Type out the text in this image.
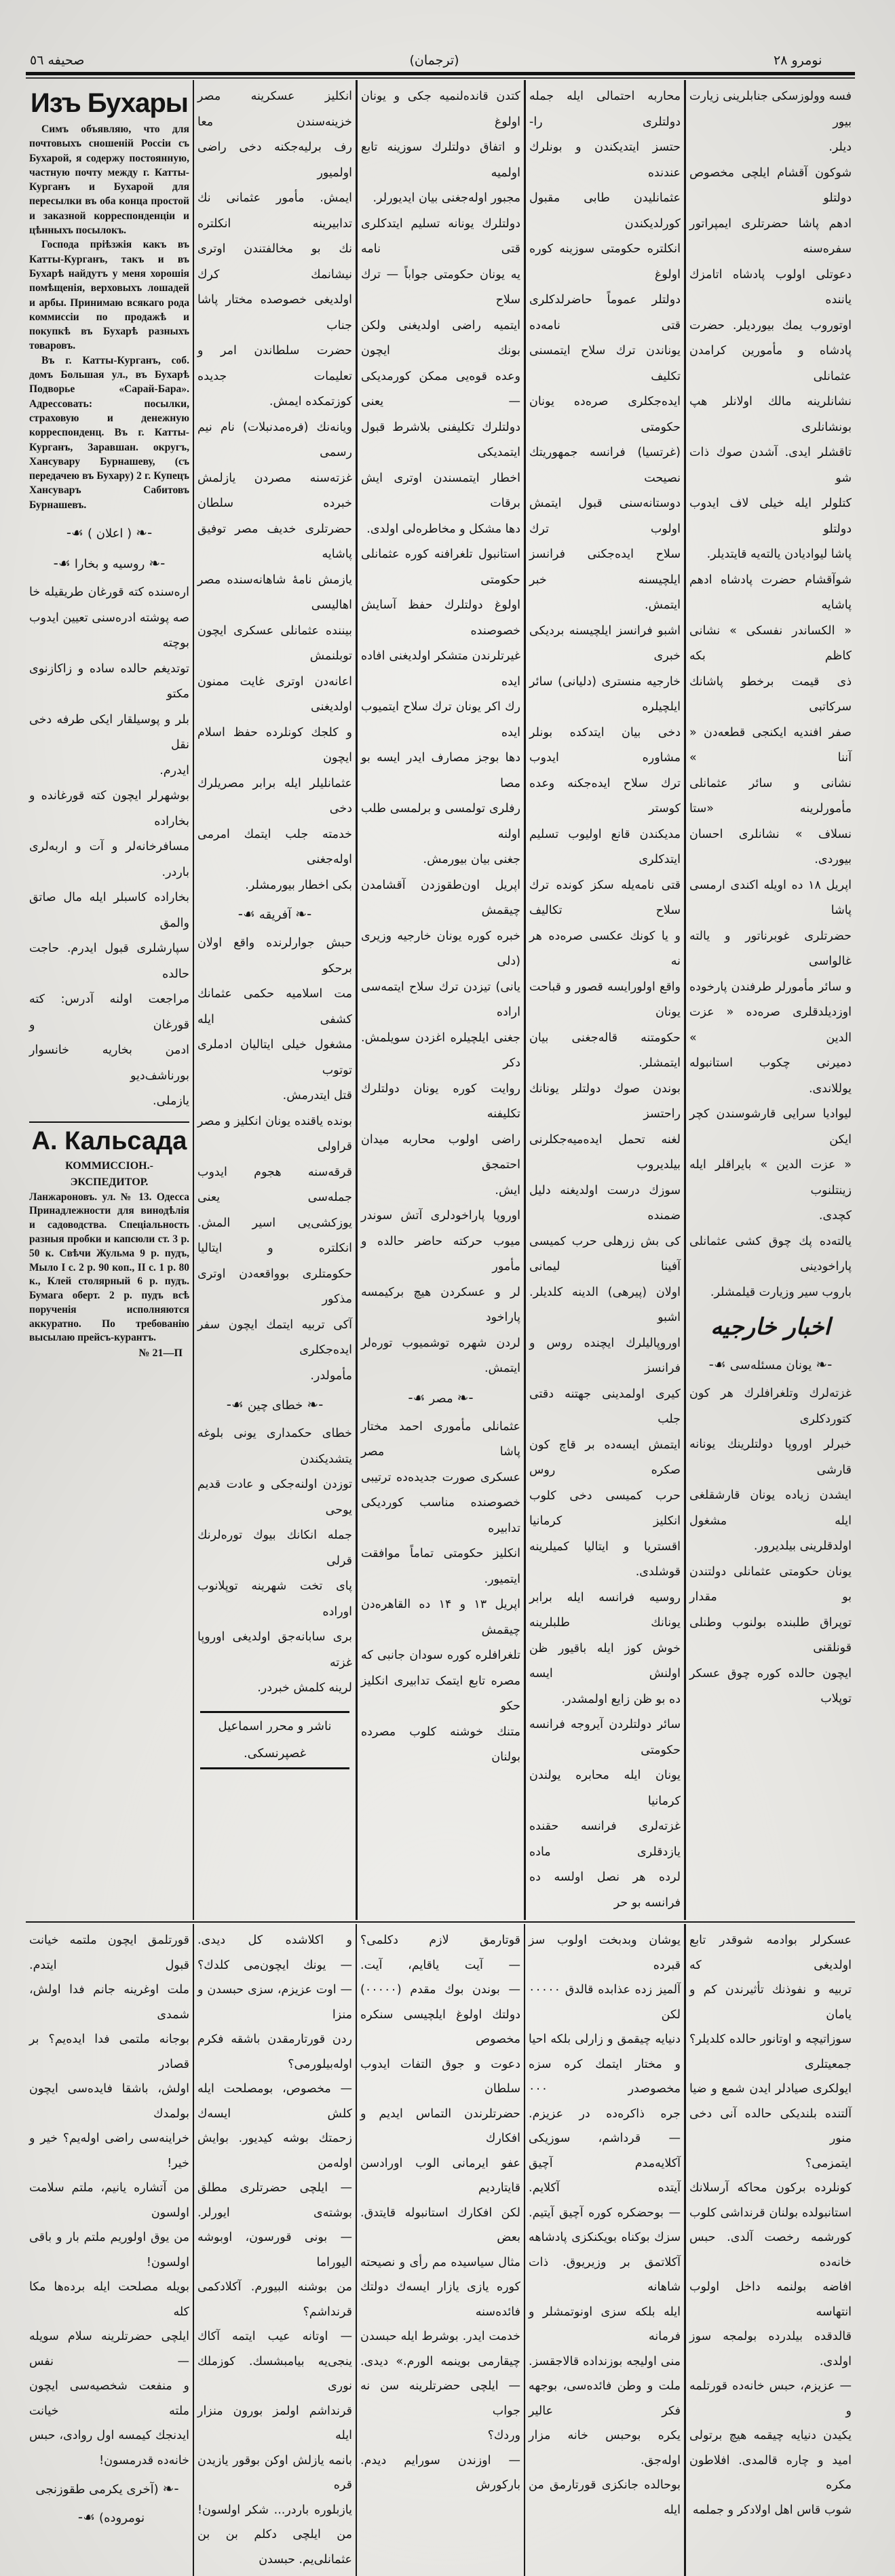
صحیفه ٥٦	(ترجمان)	نومرو ٢٨
Изъ Бухары

Симъ объявляю, что для почтовыхъ сношеній Россіи съ Бухарой, я содержу постоянную, частную почту между г. Катты-Курганъ и Бухарой для пересылки въ оба конца простой и заказной корреспонденціи и цѣнныхъ посылокъ.

Господа пріѣзжія какъ въ Катты-Курганъ, такъ и въ Бухарѣ найдутъ у меня хорошія помѣщенія, верховыхъ лошадей и арбы. Принимаю всякаго рода коммиссіи по продажѣ и покупкѣ въ Бухарѣ разныхъ товаровъ.

Въ г. Катты-Курганъ, соб. домъ Большая ул., въ Бухарѣ Подворье «Сарай-Бара». Адрессовать: посылки, страховую и денежную корреспонденц. Въ г. Катты-Курганъ, Заравшан. округъ, Хансувару Бурнашеву, (съ передачею въ Бухару) 2 г. Купецъ Хансуваръ Сабитовъ Бурнашевъ.

-❧( اعلان )☙-
-❧روسیه و بخارا☙-
اره‌سنده کته قورغان طریقیله خا
صه پوشته ادره‌سنی تعیین ایدوب بوچته
توتدیغم حالده ساده و زاکازنوی مکتو
بلر و پوسیلقار ایکی طرفه دخی نقل
ایدرم.
بوشهرلر ایچون کته قورغانده و بخاراده
مسافرخانه‌لر و آت و اربه‌لری باردر.
بخاراده کاسبلر ایله مال صاتق والمق
سپارشلری قبول ایدرم. حاجت حالده
مراجعت اولنه آدرس: کته قورغان و
ادمن بخاریه خانسوار بورناشف‌دیو
یازملی.
А. Кальсада
КОММИССІОН.-ЭКСПЕДИТОР.
Ланжароновъ. ул. № 13. Одесса Принадлежности для винодѣлія и садоводства. Спеціальность разныя пробки и капсюли ст. 3 р. 50 к. Свѣчи Жульма 9 р. пудъ, Мыло I с. 2 р. 90 коп., II с. 1 р. 80 к., Клей столярный 6 р. пудъ. Бумага оберт. 2 р. пудъ всѣ порученія исполняются аккуратно. По требованію высылаю прейсъ-курантъ.
№ 21—П
انکلیز عسکرینه مصر خزینه‌سندن معا
رف برلیه‌جکنه دخی راضی اولمیور
ایمش. مأمور عثمانی نك تدابیرینه انکلتره
نك بو مخالفتندن اوتری نیشانمك کرك
اولدیغی خصوصده مختار پاشا جناب
حضرت سلطاندن امر و تعلیمات جدیده
کوزتمکده ایمش.
ویانه‌نك (فره‌مدنبلات) نام نیم رسمی
غزته‌سنه مصردن یازلمش خبرده سلطان
حضرتلری خدیف مصر توفیق پاشایه
یازمش نامهٔ شاهانه‌سنده مصر اهالیسی
بیننده عثمانلی عسکری ایچون توبلنمش
اعانه‌دن اوتری غایت ممنون اولدیغنی
و کلجك کونلرده حفظ اسلام ایچون
عثمانلیلر ایله برابر مصریلرك دخی
خدمته جلب ایتمك امرمی اوله‌جغنی
بکی اخطار بیورمشلر.
-❧آفریقه☙-
حبش جوارلرنده واقع اولان برحکو
مت اسلامیه حکمی عثمانك کشفی ایله
مشغول خیلی ایتالیان ادملری توتوب
قتل ایتدرمش.
بونده یاقنده یونان انکلیز و مصر قراولی
قرقه‌سنه هجوم ایدوب جمله‌سی یعنی
یوزکشی‌یی اسیر المش. انکلتره و ایتالیا
حکومتلری بوواقعه‌دن اوتری مذکور
آکی تربیه ایتمك ایچون سفر ایده‌جکلری
مأمولدر.
-❧خطای چین☙-
خطای حکمداری یونی بلوغه یتشدیکندن
توزدن اولنه‌جکی و عادت قدیم یوحی
جمله انکانك بیوك توره‌لرنك قرلی
پای تخت شهرینه توپلانوب اوراده
بری سابانه‌جق اولدیغی اوروپا غزته
لرینه کلمش خبردر.
ناشر و محرر اسماعیل غصپرنسکی.
کتدن قانده‌لنمیه جکی و یونان اولوغ
و اتفاق دولتلرك سوزینه تابع اولمیه
مجبور اوله‌جغنی بیان ایدیورلر.
دولتلرك یونانه تسلیم ایتدکلری قتی نامه
یه یونان حکومتی جواباً — ترك سلاح
ایتمیه راضی اولدیغنی ولکن بونك ایچون
وعده قوه‌یی ممکن کورمدیکی — یعنی
دولتلرك تکلیفنی بلاشرط قبول ایتمدیکی
اخطار ایتمسندن اوتری ایش برقات
دها مشکل و مخاطره‌لی اولدی.
استانبول تلغرافنه کوره عثمانلی حکومتی
اولوغ دولتلرك حفظ آسایش خصوصنده
غیرتلرندن متشکر اولدیغنی افاده ایده
رك اکر یونان ترك سلاح ایتمیوب ایده
دها بوجز مصارف ایدر ایسه بو مصا
رفلری تولمسی و برلمسی طلب اولنه
جغنی بیان بیورمش.
اپریل اون‌طقوزدن آقشامدن چیقمش
خبره کوره یونان خارجیه وزیری (دلی
یانی) تیزدن ترك سلاح ایتمه‌سی اراده
جغنی ایلچیلره اغزدن سویلمش. دکر
روایت کوره یونان دولتلرك تکلیفنه
راضی اولوب محاربه میدان احتمجق
ایش.
اوروپا پاراخودلری آتش سوندر
میوب حرکته حاضر حالده و مأمور
لر و عسکردن هیچ برکیمسه پاراخود
لردن شهره توشمیوب توره‌لر ایتمش.
-❧مصر☙-
عثمانلی مأموری احمد مختار پاشا مصر
عسکری صورت جدیده‌ده ترتیبی
خصوصنده مناسب کوردیکی تدابیره
انکلیز حکومتی تماماً موافقت ایتمیور.
اپریل ۱۳ و ۱۴ ده القاهره‌دن چیقمش
تلغرافلره کوره سودان جانبی که
مصره تابع ایتمک تدابیری انکلیز حکو
متنك خوشنه کلوب مصرده بولنان
محاربه احتمالی ایله جمله دولتلری را-
حتسز ایتدیکندن و بونلرك عندنده
عثمانلیدن طابی مقبول کورلدیکندن
انکلتره حکومتی سوزینه کوره اولوغ
دولتلر عموماً حاضرلدکلری قتی نامه‌ده
یوناندن ترك سلاح ایتمسنی تکلیف
ایده‌جکلری صره‌ده یونان حکومتی
(غرتسیا) فرانسه جمهوریتك نصیحت
دوستانه‌سنی قبول ایتمش اولوب ترك
سلاح ایده‌جکنی فرانسز ایلچیسنه خبر
ایتمش.
اشبو فرانسز ایلچیسنه بردیکی خبری
خارجیه منستری (دلیانی) سائر ایلچیلره
دخی بیان ایتدکده بونلر مشاوره ایدوب
ترك سلاح ایده‌جکنه وعده کوستر
مدیکندن قانع اولیوب تسلیم ایتدکلری
قتی نامه‌یله سکز کونده ترك سلاح تکالیف
و یا کونك عکسی صره‌ده هر نه
واقع اولورایسه قصور و قباحت یونان
حکومتنه قاله‌جغنی بیان ایتمشلر.
بوندن صوك دولتلر یونانك راحتسز
لغنه تحمل ایده‌میه‌جکلرنی بیلدیروب
سوزك درست اولدیغنه دلیل ضمنده
کی بش زرهلی حرب کمیسی آفینا لیمانی
اولان (پیرهی) الدینه کلدیلر. اشبو
اوروپالیلرك ایچنده روس و فرانسز
کیری اولمدینی جهتنه دقتی جلب
ایتمش ایسه‌ده بر قاچ کون صکره روس
حرب کمیسی دخی کلوب انکلیز کرمانیا
اقستریا و ایتالیا کمیلرینه قوشلدی.
روسیه فرانسه ایله برابر یونانك طلبلرینه
خوش کوز ایله باقیور ظن اولنش ایسه
ده بو ظن زایع اولمشدر.
سائر دولتلردن آیروجه فرانسه حکومتی
یونان ایله محابره یولندن کرمانیا
غزته‌لری فرانسه حقنده یازدقلری ماده
لرده هر نصل اولسه ده فرانسه بو حر
فسه وولوزسکی جنابلرینی زیارت بیور
دیلر.
شوکون آقشام ایلچی مخصوص دولتلو
ادهم پاشا حضرتلری ایمپراتور سفره‌سنه
دعوتلی اولوب پادشاه اتامزك یاننده
اوتوروب یمك بیوردیلر. حضرت
پادشاه و مأمورین کرامدن عثمانلی
نشانلرینه مالك اولانلر هپ بونشانلری
تاقشلر ایدی. آشدن صوك ذات شو
کتلولر ایله خیلی لاف ایدوب دولتلو
پاشا لیوادیادن یالته‌یه قایتدیلر.
شوآقشام حضرت پادشاه ادهم پاشایه
« الکساندر نفسکی » نشانی کاظم بکه
ذی قیمت برخطو پاشانك سرکاتبی
صفر افندیه ایکنجی قطعه‌دن « آننا »
نشانی و سائر عثمانلی مأمورلرینه «ستا
نسلاف » نشانلری احسان بیوردی.
اپریل ۱۸ ده اویله اکندی ارمسی پاشا
حضرتلری غوبرناتور و یالته غالواسی
و سائر مأمورلر طرفندن پارخوده
اوزدیلدقلری صره‌ده « عزت الدین »
دمیرنی چکوب استانبوله یوللاندی.
لیوادیا سرایی قارشوسندن کچر ایکن
« عزت الدین » بایراقلر ایله زینتلنوب
کچدی.
یالته‌ده پك چوق کشی عثمانلی پاراخودینی
باروب سیر وزیارت قیلمشلر.
اخبار خارجیه
-❧یونان مسئله‌سی☙-
غزته‌لرك وتلغرافلرك هر کون کتوردکلری
خبرلر اوروپا دولتلرینك یونانه قارشی
ایشدن زیاده یونان قارشقلغی ایله مشغول
اولدقلرینی بیلدیرور.
یونان حکومتی عثمانلی دولتندن بو مقدار
توپراق طلبنده بولنوب وطنلی قونلقنی
ایچون حالده کوره چوق عسکر توپلاب
قورتلمق ایچون ملتمه خیانت قبول ایتدم.
ملت اوغرینه جانم فدا اولش، شمدی
بوجانه ملتمی فدا ایده‌یم؟ بر قصادر
اولش، باشقا فایده‌سی ایچون بولمدك
خراینه‌سی راضی اوله‌یم؟ خیر و خیر!
من آتشاره یانیم، ملتم سلامت اولسون
من یوق اولوریم ملتم بار و باقی اولسون!
بویله مصلحت ایله برده‌ها مکا کله
ایلچی حضرتلرینه سلام سویله — نفس
و منفعت شخصیه‌سی ایچون ملته خیانت
ایدنجك کیمسه اول روادی، حبس
خانه‌ده قدرمسون!
-❧(آخری یکرمی طقوزنجی نومروده)☙-
و اکلاشده کل دیدی.
— یونك ایچون‌می کلدك؟
— اوت عزیزم، سزی حبسدن و منزا
ردن قورتارمقدن باشقه فکرم اوله‌بیلورمی؟
— مخصوص، بومصلحت ایله کلش ایسه‌ك
زحمتك بوشه کیدیور. بوایش اوله‌من
— ایلچی حضرتلری مطلق بوشته‌ی ایورلر.
— بونی قورسون، اوبوشه الیوراما
من بوشنه البیورم. آکلادکمی قرنداشم؟
— اوتانه عیب ایتمه آکاك
ینجی‌یه بیامبشسك. کوزملك نوری
قرنداشم اولمز بورون منزار ایله
بانمه یازلش اوکن بوقور یازیدن قره
یازبلوره باردر... شکر اولسون!
من ایلچی دکلم بن بن عثمانلی‌یم. حبسدن
قوتارمق لازم دکلمی؟
— آیت یاقایم، آیت.
— بوندن بوك مقدم (۰۰۰۰۰)
دولتك اولوغ ایلچیسی سنکره مخصوص
دعوت و جوق التفات ایدوب سلطان
حضرتلرندن التماس ایدیم و افکارك
عفو ایرمانی الوب اورادسن قایتاردیم
لکن افکارك استانبوله قایتدق. بعض
مثال سیاسیده مم رأی و نصیحته
کوره یازی یازار ایسه‌ك دولتك فائده‌سنه
خدمت ایدر. بوشرط ایله حبسدن
چیقارمی بوینمه الورم.» دیدی.
— ایلچی حضرتلرینه سن نه جواب
وردك؟
— اوزندن سورایم دیدم. بارکورش
یوشان وبدبخت اولوب سز قبرده
آلمیز زده عذابده قالدق ۰۰۰۰۰ لکن
دنیایه چیقمق و زارلی بلکه احیا
و مختار ایتمك کره سزه مخصوصدر ۰۰۰
جره ذاکره‌ده در عزیزم.
— قرداشم، سوزیکی آکلایه‌مدم آچیق
آیتده آکلایم.
— بوحضکره کوره آچیق آیتیم.
سزك بوکناه بویکنکزی پادشاهه
آکلاتمق بر وزیریوق. ذات شاهانه
ایله بلکه سزی اونوتمشلر و فرمانه
منی اولیجه بوزنداده قالاجقسز.
ملت و وطن فائده‌سی، بوجهه فکر عالیر
یکره بوحبس خانه مزار اوله‌جق.
بوحالده جانکزی قورتارمق من ایله
عسکرلر بوادمه شوقدر تابع اولدیغی که
تربیه و نفوذنك تأثیرندن کم و یامان
سوزاتیچه و اوتانور حالده کلدیلر؟ جمعیتلری
ایولکری صیادلر ایدن شمع و ضیا
آلتنده بلندیکی حالده آنی دخی منور
ایتمزمی؟
کونلرده برکون محاکه آرسلانك
استانبولده بولنان قرنداشی کلوب
کورشمه رخصت آلدی. حبس خانه‌ده
افاضه بولنمه داخل اولوب انتهاسه
قالدقده بیلدرده بولمجه سوز اولدی.
— عزیزم، حبس خانه‌ده قورتلمه و
یکیدن دنیایه چیقمه هیچ برتولی
امید و چاره قالمدی. افلاطون مکره
شوب قاس اهل اولادکر و جملمه
